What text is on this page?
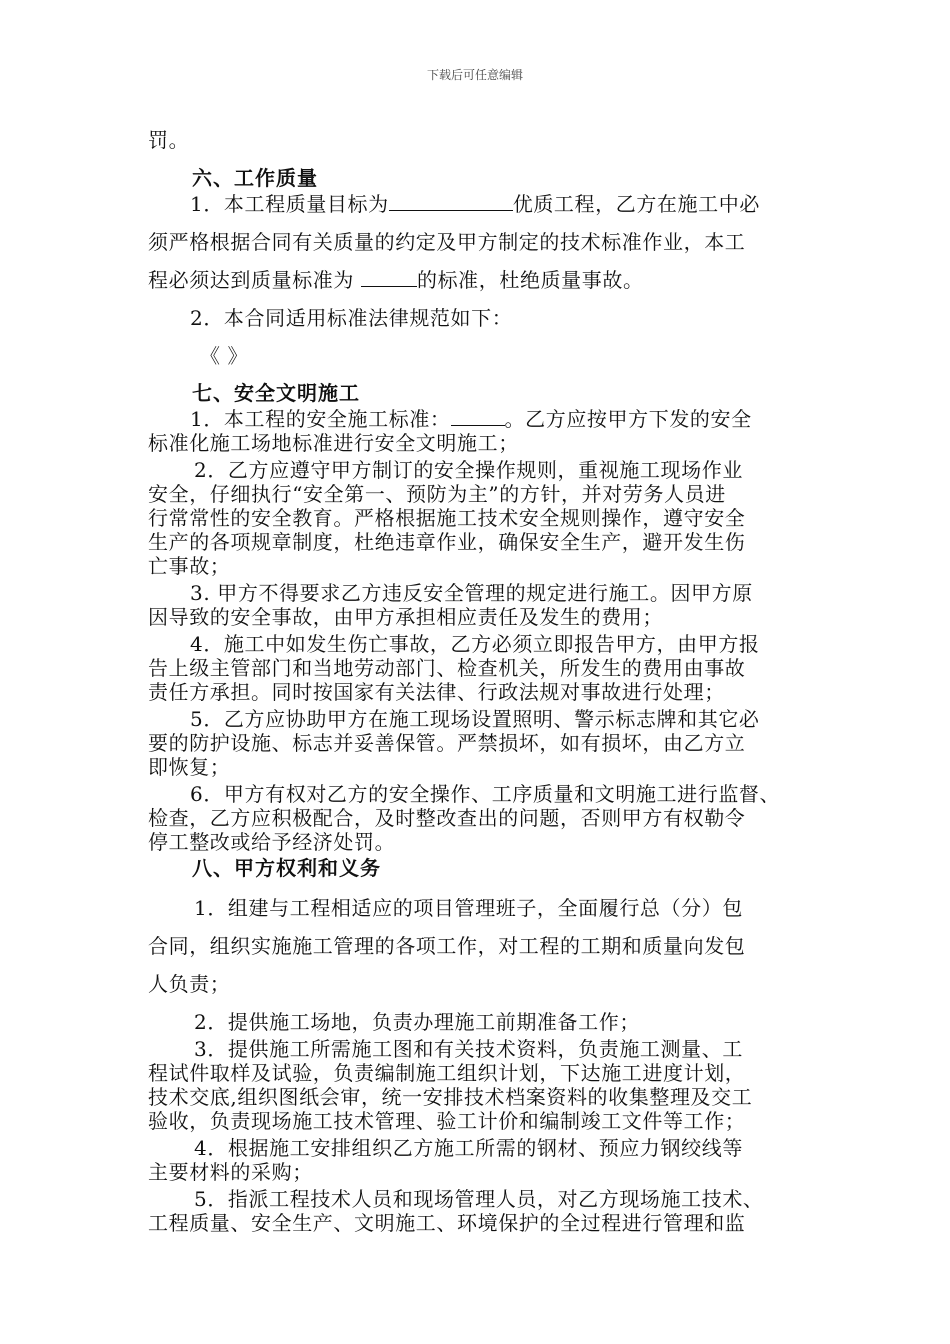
下载后可任意编辑
罚。
六、工作质量
1．本工程质量目标为	优质工程，乙方在施工中必
须严格根据合同有关质量的约定及甲方制定的技术标准作业，本工
程必须达到质量标准为	的标准，杜绝质量事故。
2．本合同适用标准法律规范如下：
《 》
七、安全文明施工
1．本工程的安全施工标准：	。乙方应按甲方下发的安全
标准化施工场地标准进行安全文明施工；
2．乙方应遵守甲方制订的安全操作规则，重视施工现场作业
安全，仔细执行“安全第一、预防为主”的方针，并对劳务人员进
行常常性的安全教育。严格根据施工技术安全规则操作，遵守安全
生产的各项规章制度，杜绝违章作业，确保安全生产，避开发生伤
亡事故；
3. 甲方不得要求乙方违反安全管理的规定进行施工。因甲方原
因导致的安全事故，由甲方承担相应责任及发生的费用；
4．施工中如发生伤亡事故，乙方必须立即报告甲方，由甲方报
告上级主管部门和当地劳动部门、检查机关，所发生的费用由事故
责任方承担。同时按国家有关法律、行政法规对事故进行处理；
5．乙方应协助甲方在施工现场设置照明、警示标志牌和其它必
要的防护设施、标志并妥善保管。严禁损坏，如有损坏，由乙方立
即恢复；
6．甲方有权对乙方的安全操作、工序质量和文明施工进行监督、
检查，乙方应积极配合，及时整改查出的问题，否则甲方有权勒令
停工整改或给予经济处罚。
八、甲方权利和义务
1．组建与工程相适应的项目管理班子，全面履行总（分）包
合同，组织实施施工管理的各项工作，对工程的工期和质量向发包
人负责；
2．提供施工场地，负责办理施工前期准备工作；
3．提供施工所需施工图和有关技术资料，负责施工测量、工
程试件取样及试验，负责编制施工组织计划，下达施工进度计划，
技术交底,组织图纸会审，统一安排技术档案资料的收集整理及交工
验收，负责现场施工技术管理、验工计价和编制竣工文件等工作；
4．根据施工安排组织乙方施工所需的钢材、预应力钢绞线等
主要材料的采购；
5．指派工程技术人员和现场管理人员，对乙方现场施工技术、
工程质量、安全生产、文明施工、环境保护的全过程进行管理和监
